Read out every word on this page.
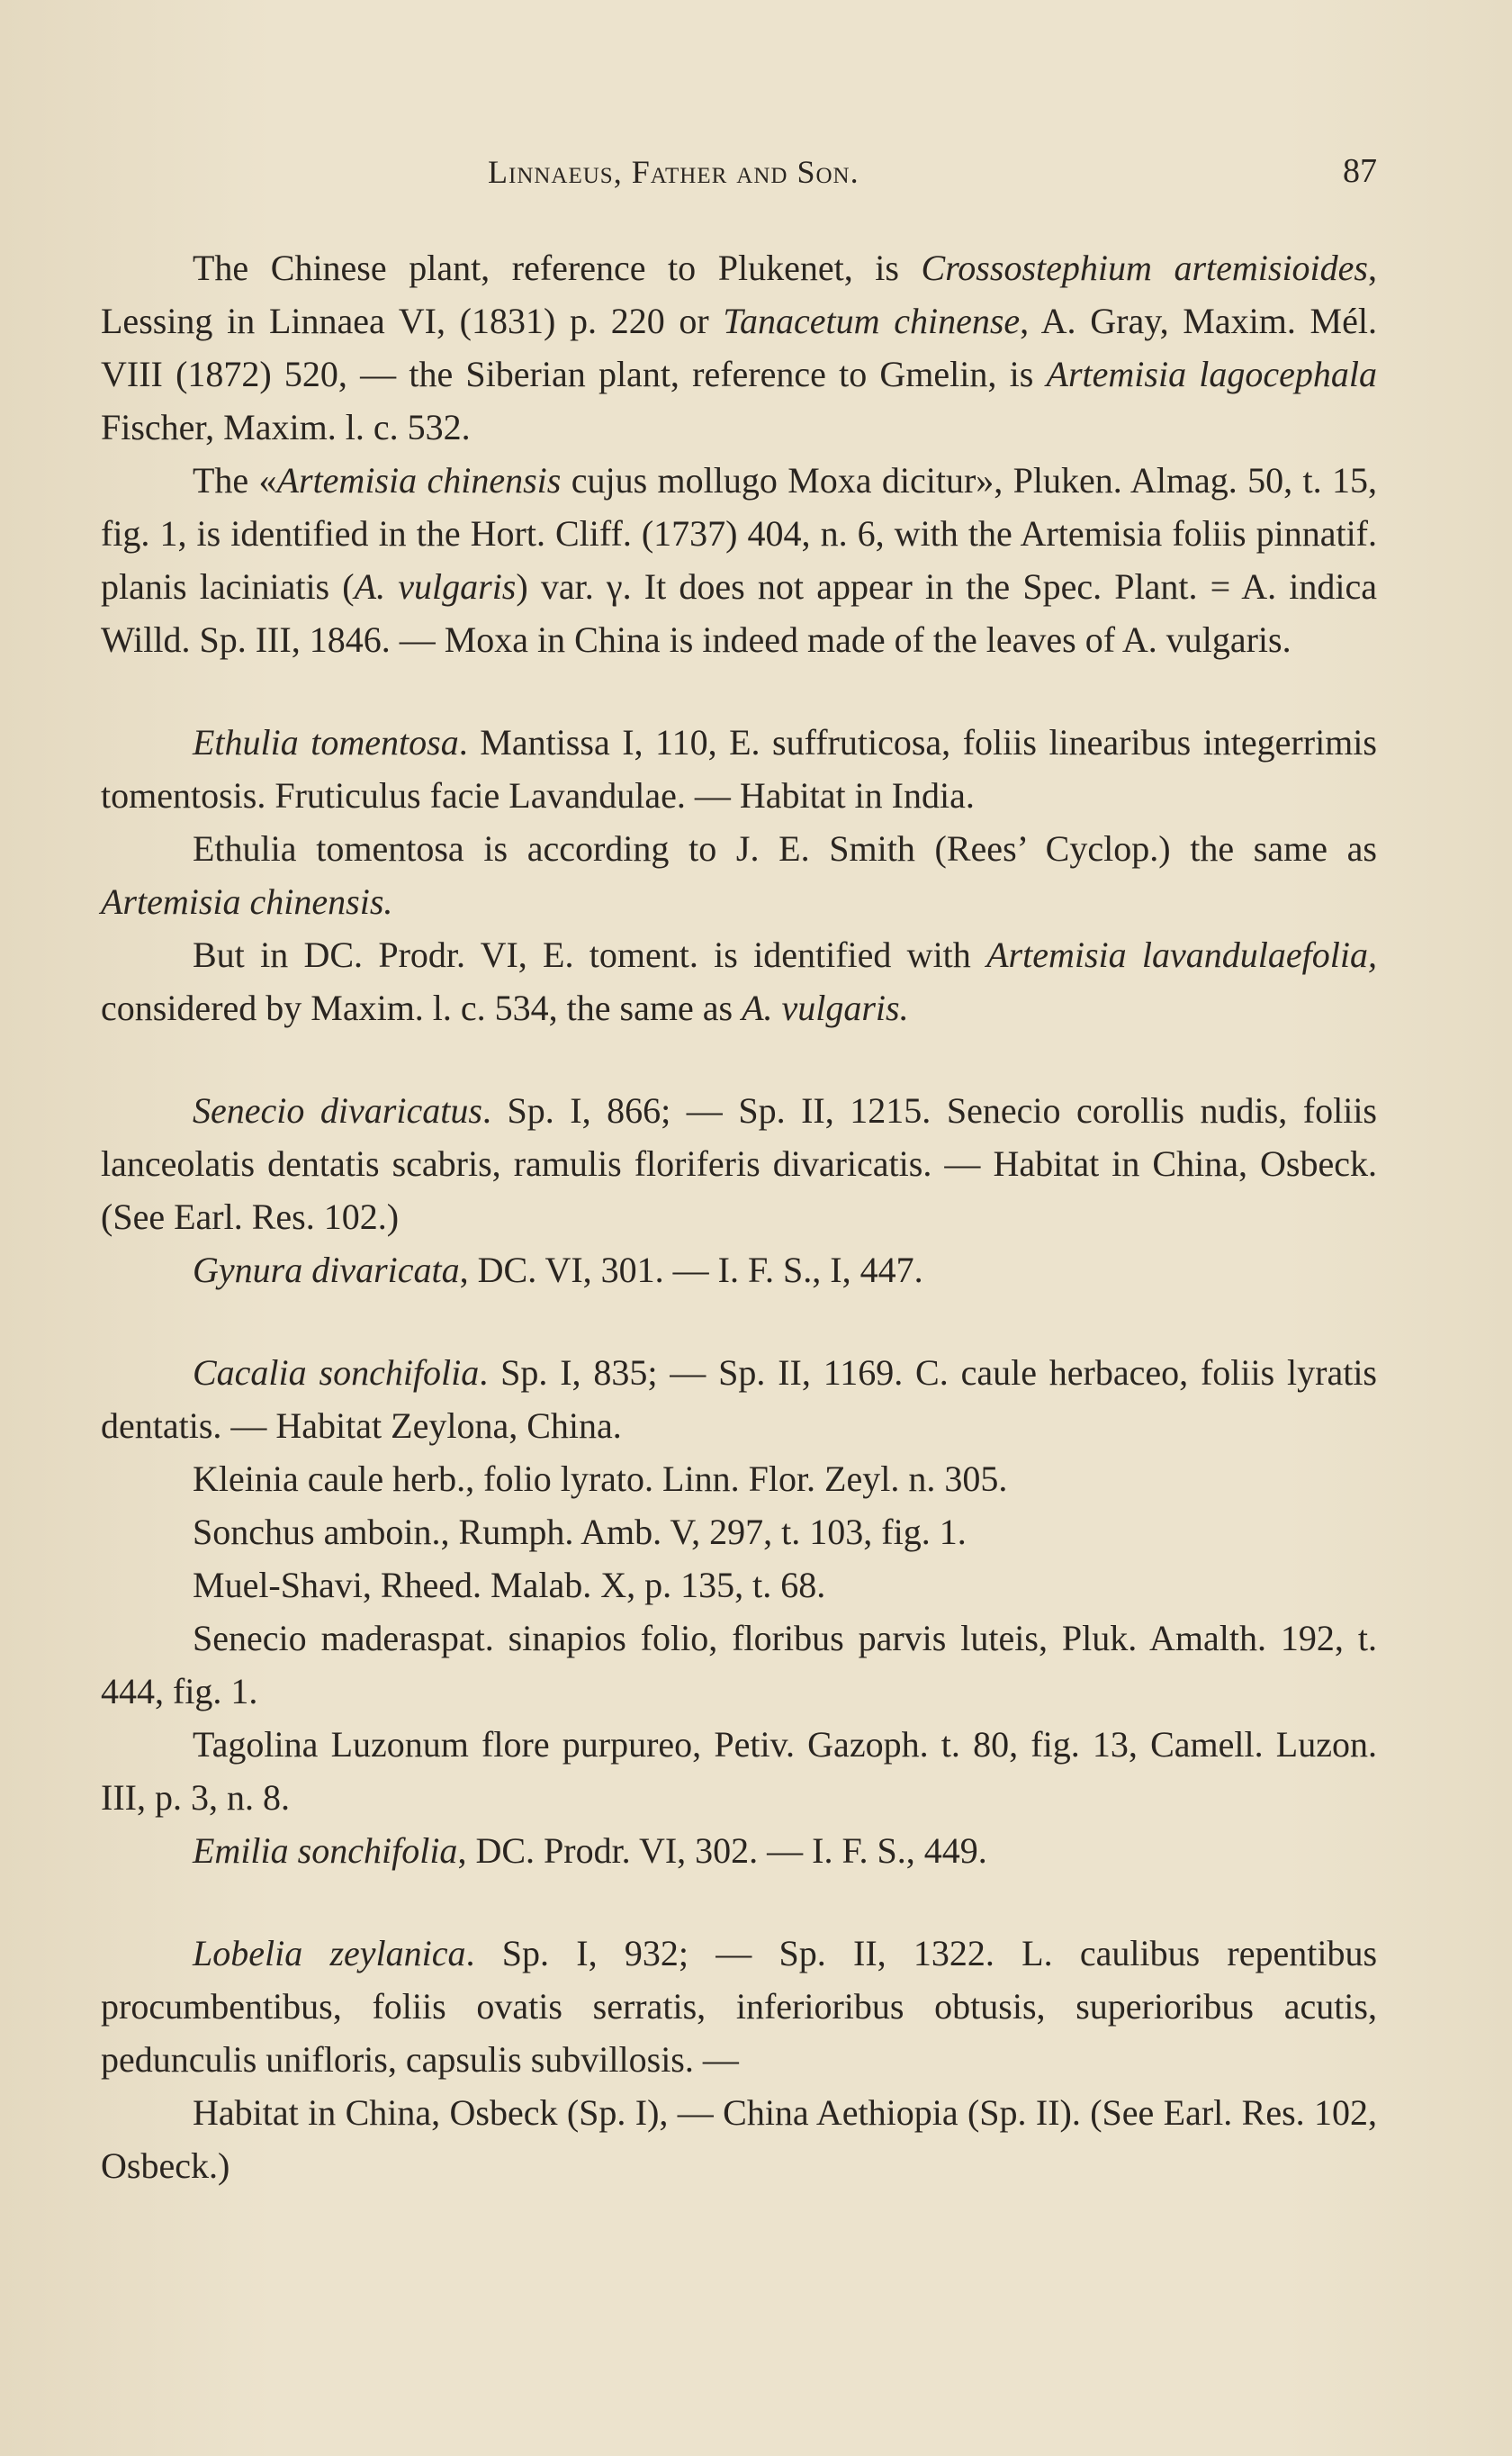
Linnaeus, Father and Son.	87

The Chinese plant, reference to Plukenet, is Crossostephium artemisioides, Lessing in Linnaea VI, (1831) p. 220 or Tanacetum chinense, A. Gray, Maxim. Mél. VIII (1872) 520, — the Siberian plant, reference to Gmelin, is Artemisia lagocephala Fischer, Maxim. l. c. 532.

The «Artemisia chinensis cujus mollugo Moxa dicitur», Pluken. Almag. 50, t. 15, fig. 1, is identified in the Hort. Cliff. (1737) 404, n. 6, with the Artemisia foliis pinnatif. planis laciniatis (A. vulgaris) var. γ. It does not appear in the Spec. Plant. = A. indica Willd. Sp. III, 1846. — Moxa in China is indeed made of the leaves of A. vulgaris.

Ethulia tomentosa. Mantissa I, 110, E. suffruticosa, foliis linearibus integerrimis tomentosis. Fruticulus facie Lavandulae. — Habitat in India.

Ethulia tomentosa is according to J. E. Smith (Rees’ Cyclop.) the same as Artemisia chinensis.

But in DC. Prodr. VI, E. toment. is identified with Artemisia lavandulaefolia, considered by Maxim. l. c. 534, the same as A. vulgaris.

Senecio divaricatus. Sp. I, 866; — Sp. II, 1215. Senecio corollis nudis, foliis lanceolatis dentatis scabris, ramulis floriferis divaricatis. — Habitat in China, Osbeck. (See Earl. Res. 102.)

Gynura divaricata, DC. VI, 301. — I. F. S., I, 447.

Cacalia sonchifolia. Sp. I, 835; — Sp. II, 1169. C. caule herbaceo, foliis lyratis dentatis. — Habitat Zeylona, China.

Kleinia caule herb., folio lyrato. Linn. Flor. Zeyl. n. 305.

Sonchus amboin., Rumph. Amb. V, 297, t. 103, fig. 1.

Muel-Shavi, Rheed. Malab. X, p. 135, t. 68.

Senecio maderaspat. sinapios folio, floribus parvis luteis, Pluk. Amalth. 192, t. 444, fig. 1.

Tagolina Luzonum flore purpureo, Petiv. Gazoph. t. 80, fig. 13, Camell. Luzon. III, p. 3, n. 8.

Emilia sonchifolia, DC. Prodr. VI, 302. — I. F. S., 449.

Lobelia zeylanica. Sp. I, 932; — Sp. II, 1322. L. caulibus repentibus procumbentibus, foliis ovatis serratis, inferioribus obtusis, superioribus acutis, pedunculis unifloris, capsulis subvillosis. —

Habitat in China, Osbeck (Sp. I), — China Aethiopia (Sp. II). (See Earl. Res. 102, Osbeck.)
